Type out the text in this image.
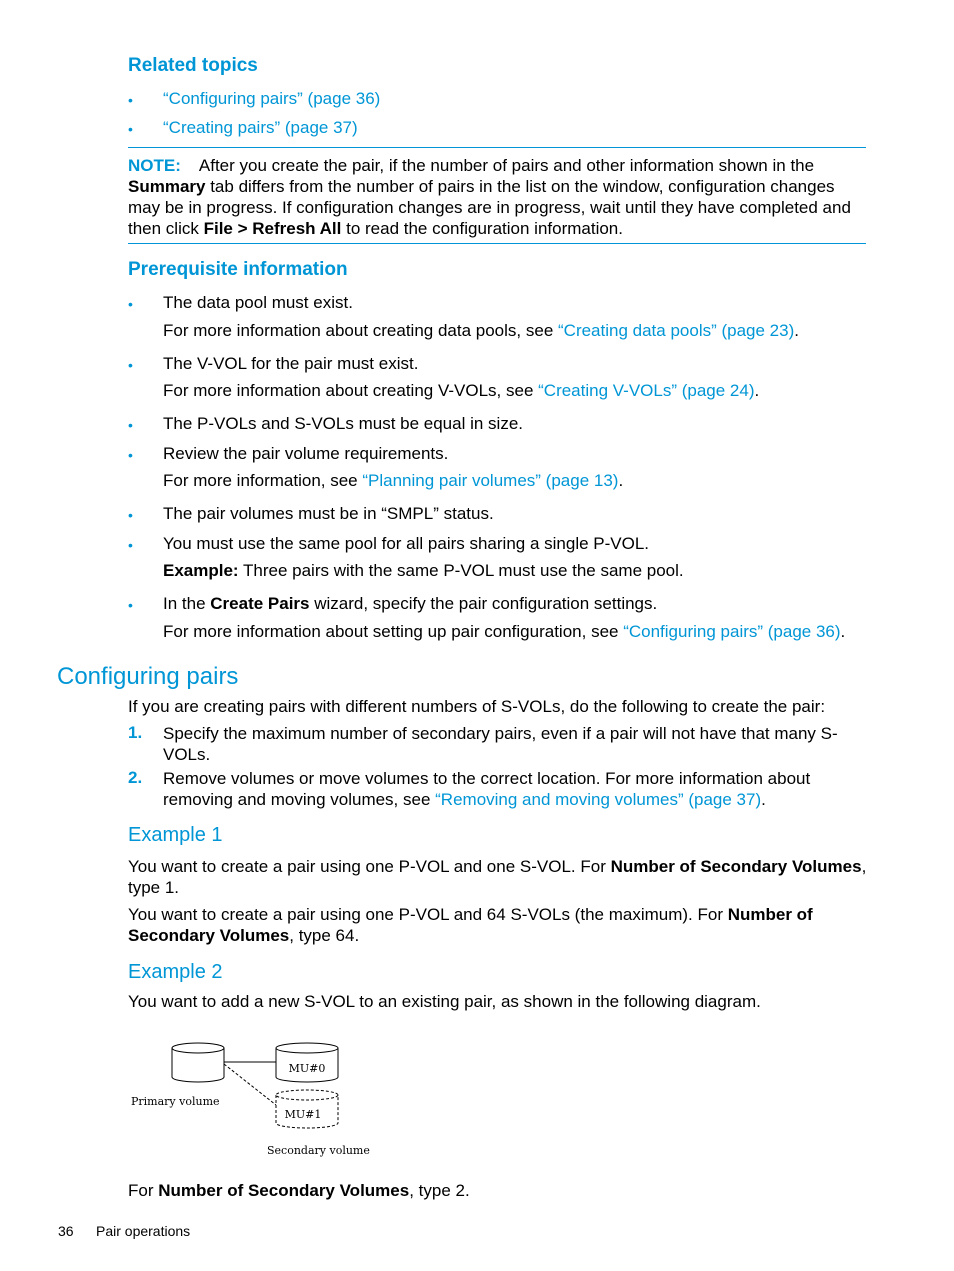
Related topics
• “Configuring pairs” (page 36)
• “Creating pairs” (page 37)
NOTE: After you create the pair, if the number of pairs and other information shown in the Summary tab differs from the number of pairs in the list on the window, configuration changes may be in progress. If configuration changes are in progress, wait until they have completed and then click File > Refresh All to read the configuration information.
Prerequisite information
• The data pool must exist.
For more information about creating data pools, see “Creating data pools” (page 23).
• The V-VOL for the pair must exist.
For more information about creating V-VOLs, see “Creating V-VOLs” (page 24).
• The P-VOLs and S-VOLs must be equal in size.
• Review the pair volume requirements.
For more information, see “Planning pair volumes” (page 13).
• The pair volumes must be in “SMPL” status.
• You must use the same pool for all pairs sharing a single P-VOL.
Example: Three pairs with the same P-VOL must use the same pool.
• In the Create Pairs wizard, specify the pair configuration settings.
For more information about setting up pair configuration, see “Configuring pairs” (page 36).
Configuring pairs
If you are creating pairs with different numbers of S-VOLs, do the following to create the pair:
1. Specify the maximum number of secondary pairs, even if a pair will not have that many S-VOLs.
2. Remove volumes or move volumes to the correct location. For more information about removing and moving volumes, see “Removing and moving volumes” (page 37).
Example 1
You want to create a pair using one P-VOL and one S-VOL. For Number of Secondary Volumes, type 1.
You want to create a pair using one P-VOL and 64 S-VOLs (the maximum). For Number of Secondary Volumes, type 64.
Example 2
You want to add a new S-VOL to an existing pair, as shown in the following diagram.
MU#0
MU#1
Primary volume
Secondary volume
For Number of Secondary Volumes, type 2.
36 Pair operations
